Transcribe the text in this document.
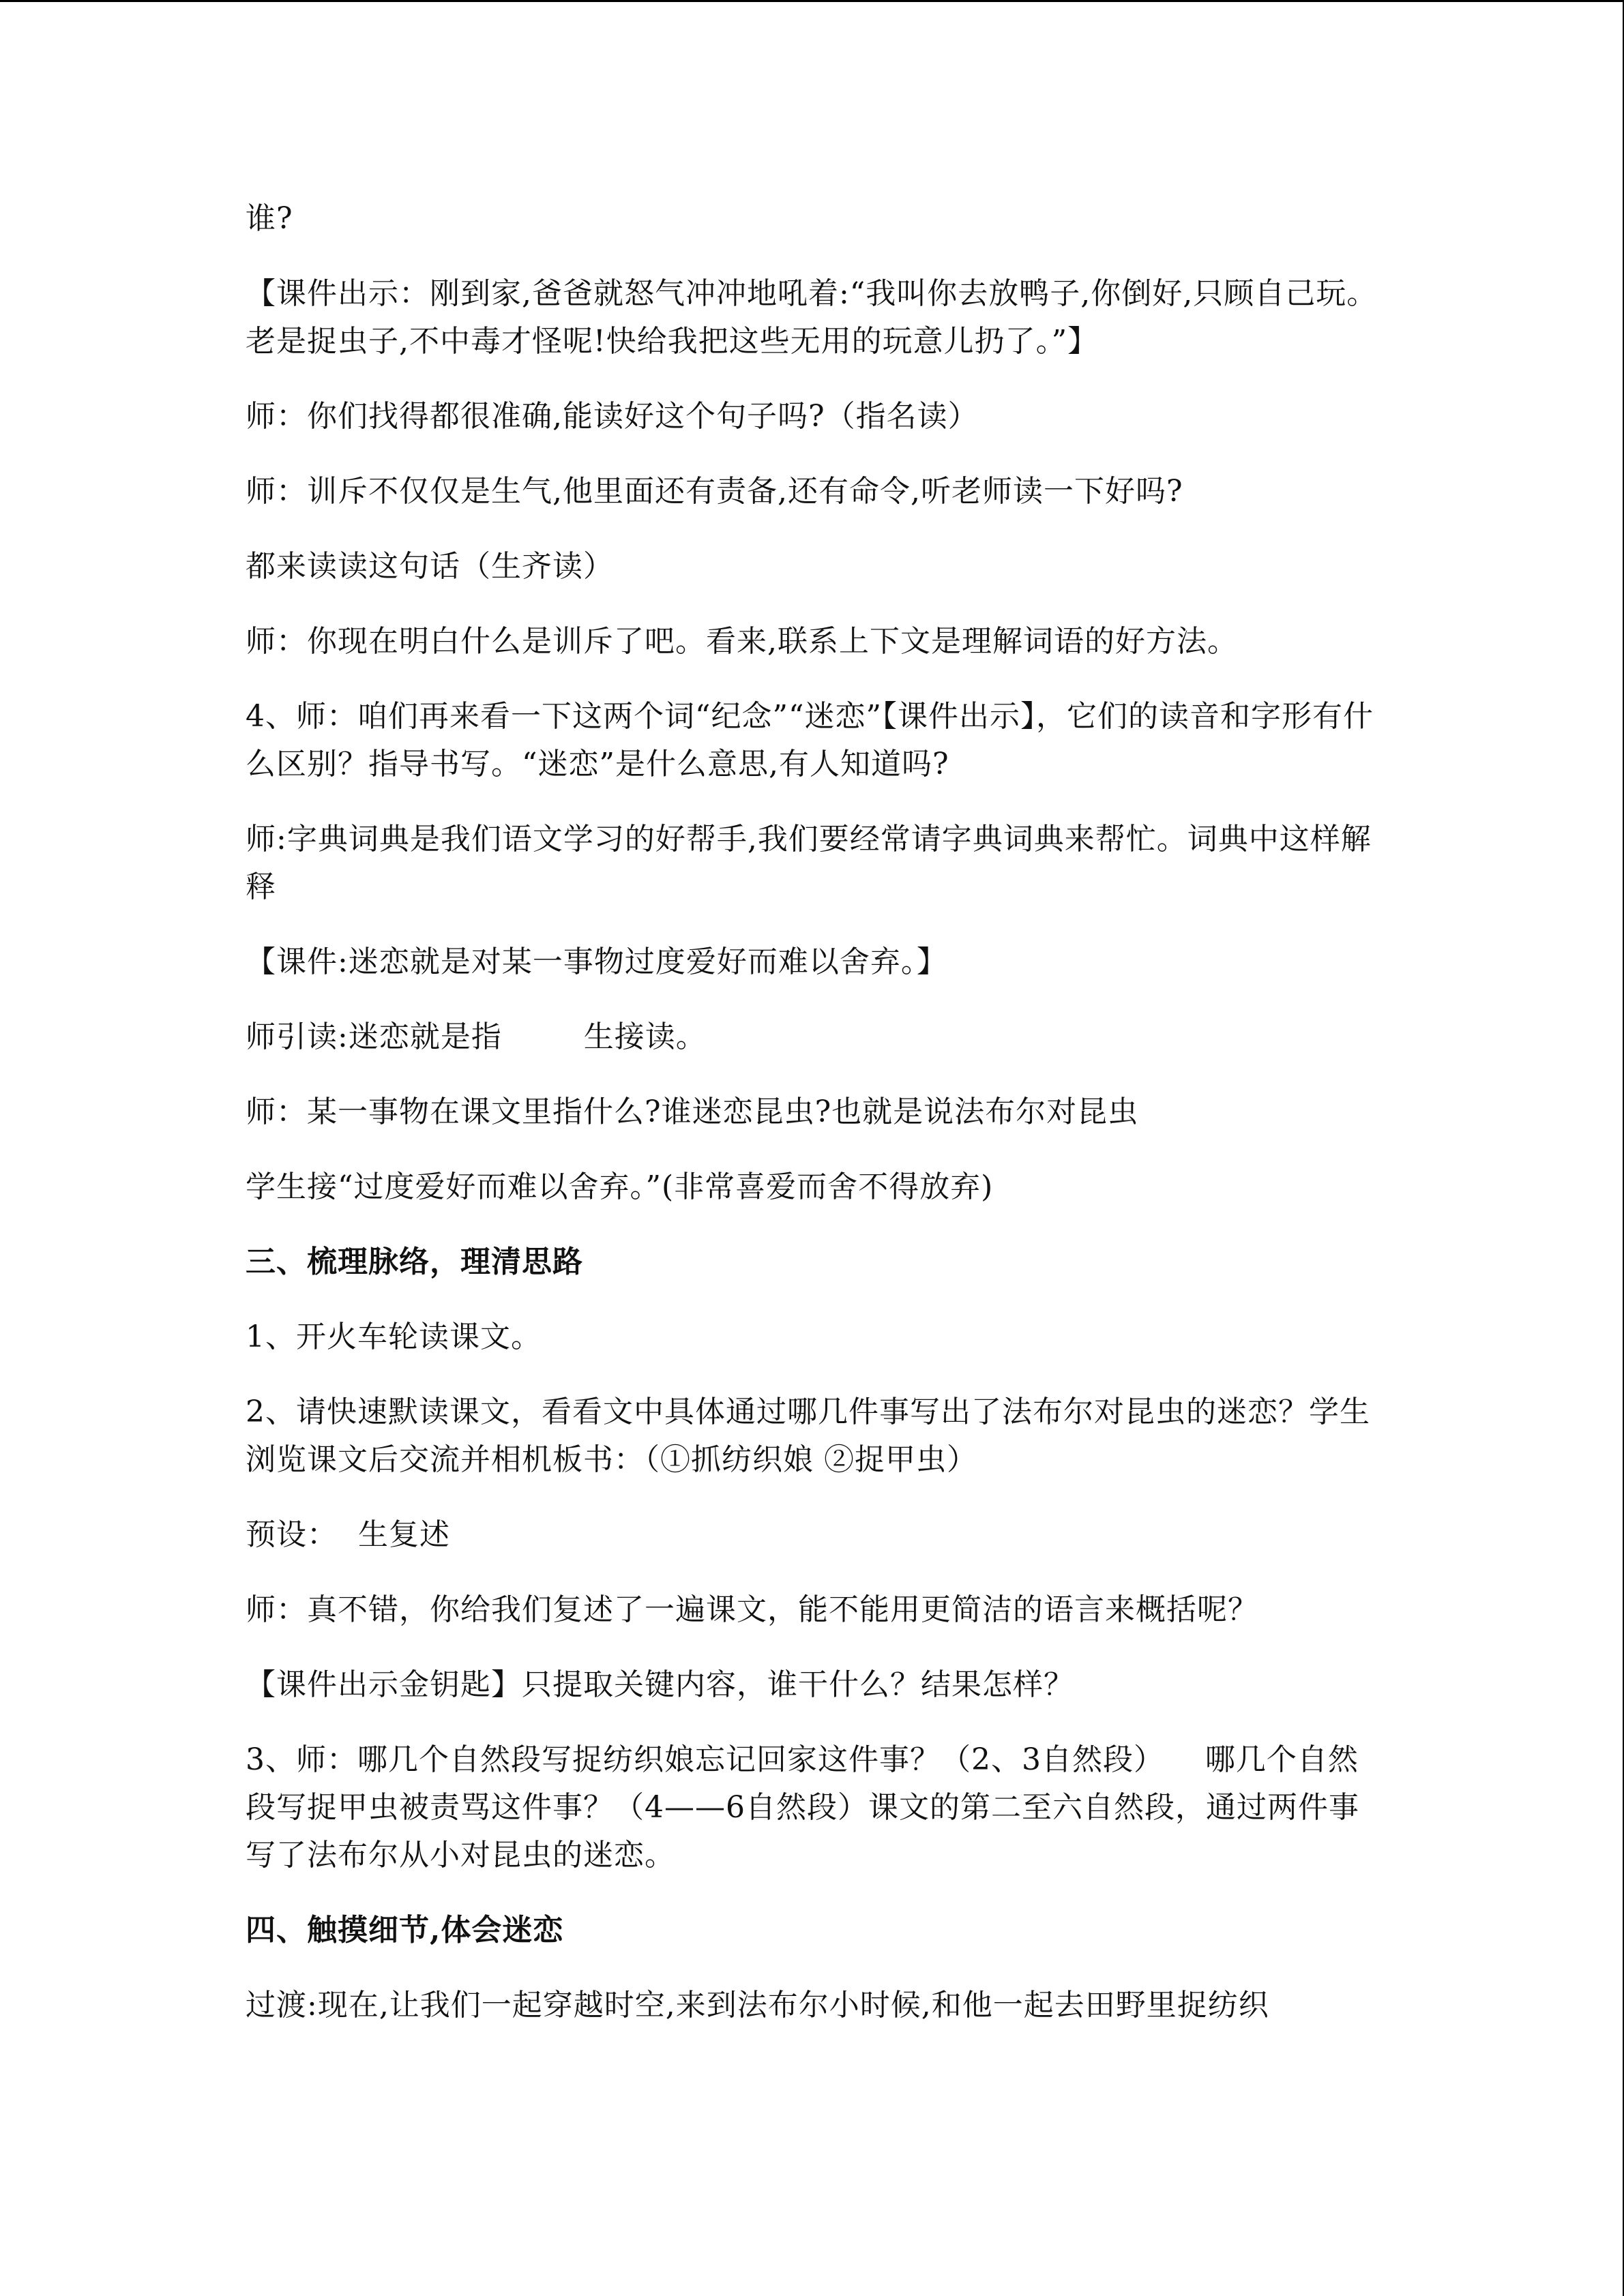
谁?

【课件出示：刚到家,爸爸就怒气冲冲地吼着:“我叫你去放鸭子,你倒好,只顾自己玩。老是捉虫子,不中毒才怪呢!快给我把这些无用的玩意儿扔了。”】

师：你们找得都很准确,能读好这个句子吗?（指名读）

师：训斥不仅仅是生气,他里面还有责备,还有命令,听老师读一下好吗?

都来读读这句话（生齐读）

师：你现在明白什么是训斥了吧。看来,联系上下文是理解词语的好方法。

4、师：咱们再来看一下这两个词“纪念”“迷恋”【课件出示】，它们的读音和字形有什么区别？指导书写。“迷恋”是什么意思,有人知道吗?

师:字典词典是我们语文学习的好帮手,我们要经常请字典词典来帮忙。词典中这样解释

【课件:迷恋就是对某一事物过度爱好而难以舍弃。】

师引读:迷恋就是指        生接读。

师：某一事物在课文里指什么?谁迷恋昆虫?也就是说法布尔对昆虫

学生接“过度爱好而难以舍弃。”(非常喜爱而舍不得放弃)

三、梳理脉络，理清思路

1、开火车轮读课文。

2、请快速默读课文，看看文中具体通过哪几件事写出了法布尔对昆虫的迷恋？学生浏览课文后交流并相机板书：（①抓纺织娘 ②捉甲虫）

预设：  生复述

师：真不错，你给我们复述了一遍课文，能不能用更简洁的语言来概括呢？

【课件出示金钥匙】只提取关键内容，谁干什么？结果怎样？

3、师：哪几个自然段写捉纺织娘忘记回家这件事？（2、3自然段）    哪几个自然段写捉甲虫被责骂这件事？（4——6自然段）课文的第二至六自然段，通过两件事写了法布尔从小对昆虫的迷恋。

四、触摸细节,体会迷恋

过渡:现在,让我们一起穿越时空,来到法布尔小时候,和他一起去田野里捉纺织
